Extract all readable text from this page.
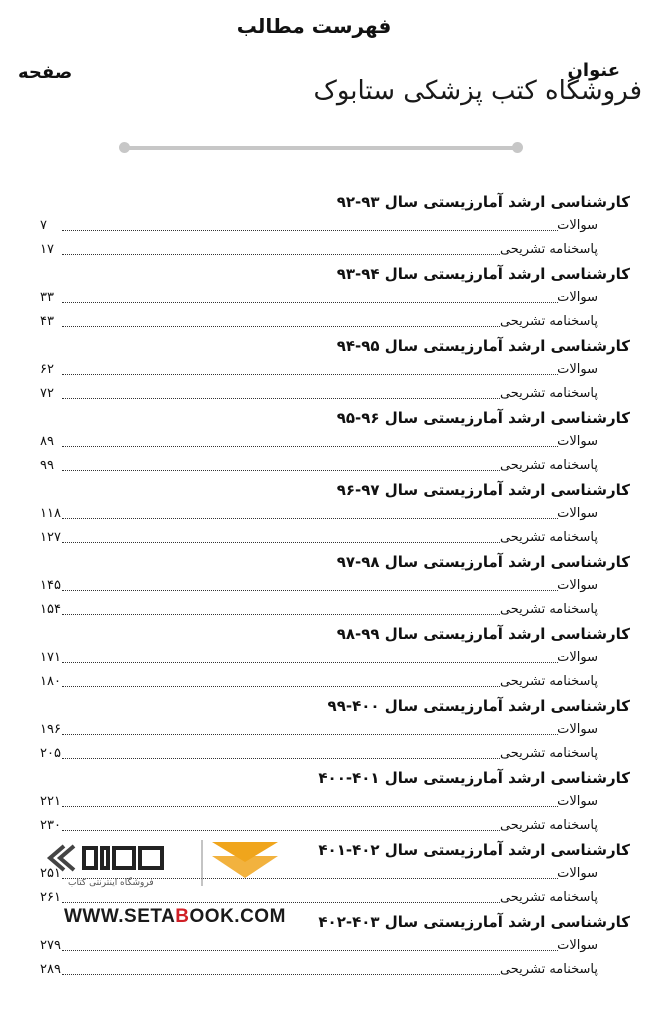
فهرست مطالب
صفحه	عنوان
فروشگاه کتب پزشکی ستابوک
کارشناسی ارشد آمارزیستی سال ۹۳-۹۲
۷	سوالات
۱۷	پاسخنامه تشریحی
کارشناسی ارشد آمارزیستی سال ۹۴-۹۳
۳۳	سوالات
۴۳	پاسخنامه تشریحی
کارشناسی ارشد آمارزیستی سال ۹۵-۹۴
۶۲	سوالات
۷۲	پاسخنامه تشریحی
کارشناسی ارشد آمارزیستی سال ۹۶-۹۵
۸۹	سوالات
۹۹	پاسخنامه تشریحی
کارشناسی ارشد آمارزیستی سال ۹۷-۹۶
۱۱۸	سوالات
۱۲۷	پاسخنامه تشریحی
کارشناسی ارشد آمارزیستی سال ۹۸-۹۷
۱۴۵	سوالات
۱۵۴	پاسخنامه تشریحی
کارشناسی ارشد آمارزیستی سال ۹۹-۹۸
۱۷۱	سوالات
۱۸۰	پاسخنامه تشریحی
کارشناسی ارشد آمارزیستی سال ۴۰۰-۹۹
۱۹۶	سوالات
۲۰۵	پاسخنامه تشریحی
کارشناسی ارشد آمارزیستی سال ۴۰۱-۴۰۰
۲۲۱	سوالات
۲۳۰	پاسخنامه تشریحی
کارشناسی ارشد آمارزیستی سال ۴۰۲-۴۰۱
۲۵۱	سوالات
۲۶۱	پاسخنامه تشریحی
کارشناسی ارشد آمارزیستی سال ۴۰۳-۴۰۲
۲۷۹	سوالات
۲۸۹	پاسخنامه تشریحی
فروشگاه اینترنتی کتاب
WWW.SETABOOK.COM
